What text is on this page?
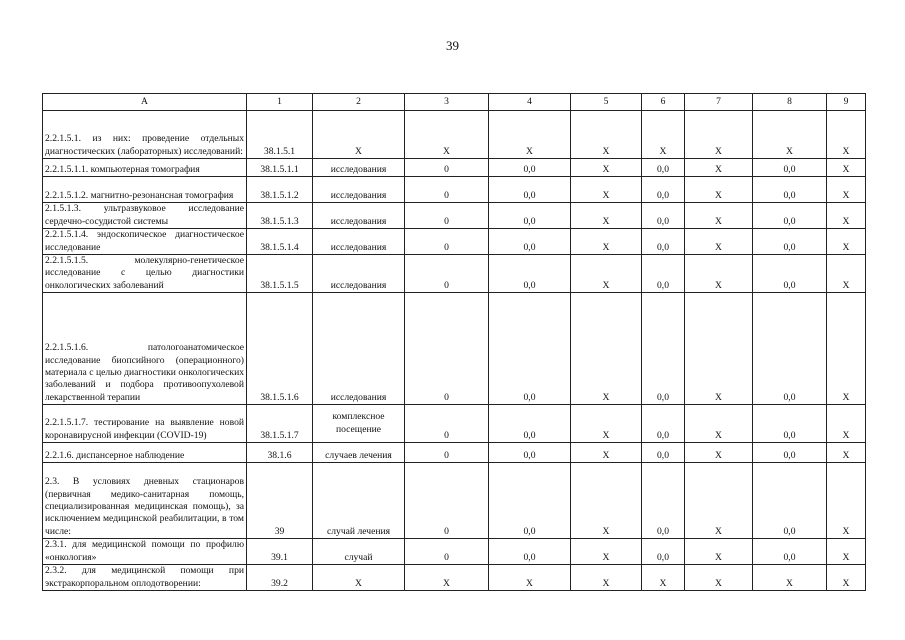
39
А	1	2	3	4	5	6	7	8	9
2.2.1.5.1. из них: проведение отдельных диагностических (лабораторных) исследований:	38.1.5.1	Х	Х	Х	Х	Х	Х	Х	Х
2.2.1.5.1.1. компьютерная томография	38.1.5.1.1	исследования	0	0,0	Х	0,0	Х	0,0	Х
2.2.1.5.1.2. магнитно-резонансная томография	38.1.5.1.2	исследования	0	0,0	Х	0,0	Х	0,0	Х
2.1.5.1.3. ультразвуковое исследование сердечно-сосудистой системы	38.1.5.1.3	исследования	0	0,0	Х	0,0	Х	0,0	Х
2.2.1.5.1.4. эндоскопическое диагностическое исследование	38.1.5.1.4	исследования	0	0,0	Х	0,0	Х	0,0	Х
2.2.1.5.1.5. молекулярно-генетическое исследование с целью диагностики онкологических заболеваний	38.1.5.1.5	исследования	0	0,0	Х	0,0	Х	0,0	Х
2.2.1.5.1.6. патологоанатомическое исследование биопсийного (операционного) материала с целью диагностики онкологических заболеваний и подбора противоопухолевой лекарственной терапии	38.1.5.1.6	исследования	0	0,0	Х	0,0	Х	0,0	Х
2.2.1.5.1.7. тестирование на выявление новой коронавирусной инфекции (COVID-19)	38.1.5.1.7	комплексное посещение	0	0,0	Х	0,0	Х	0,0	Х
2.2.1.6. диспансерное наблюдение	38.1.6	случаев лечения	0	0,0	Х	0,0	Х	0,0	Х
2.3. В условиях дневных стационаров (первичная медико-санитарная помощь, специализированная медицинская помощь), за исключением медицинской реабилитации, в том числе:	39	случай лечения	0	0,0	Х	0,0	Х	0,0	Х
2.3.1. для медицинской помощи по профилю «онкология»	39.1	случай	0	0,0	Х	0,0	Х	0,0	Х
2.3.2. для медицинской помощи при экстракорпоральном оплодотворении:	39.2	Х	Х	Х	Х	Х	Х	Х	Х
